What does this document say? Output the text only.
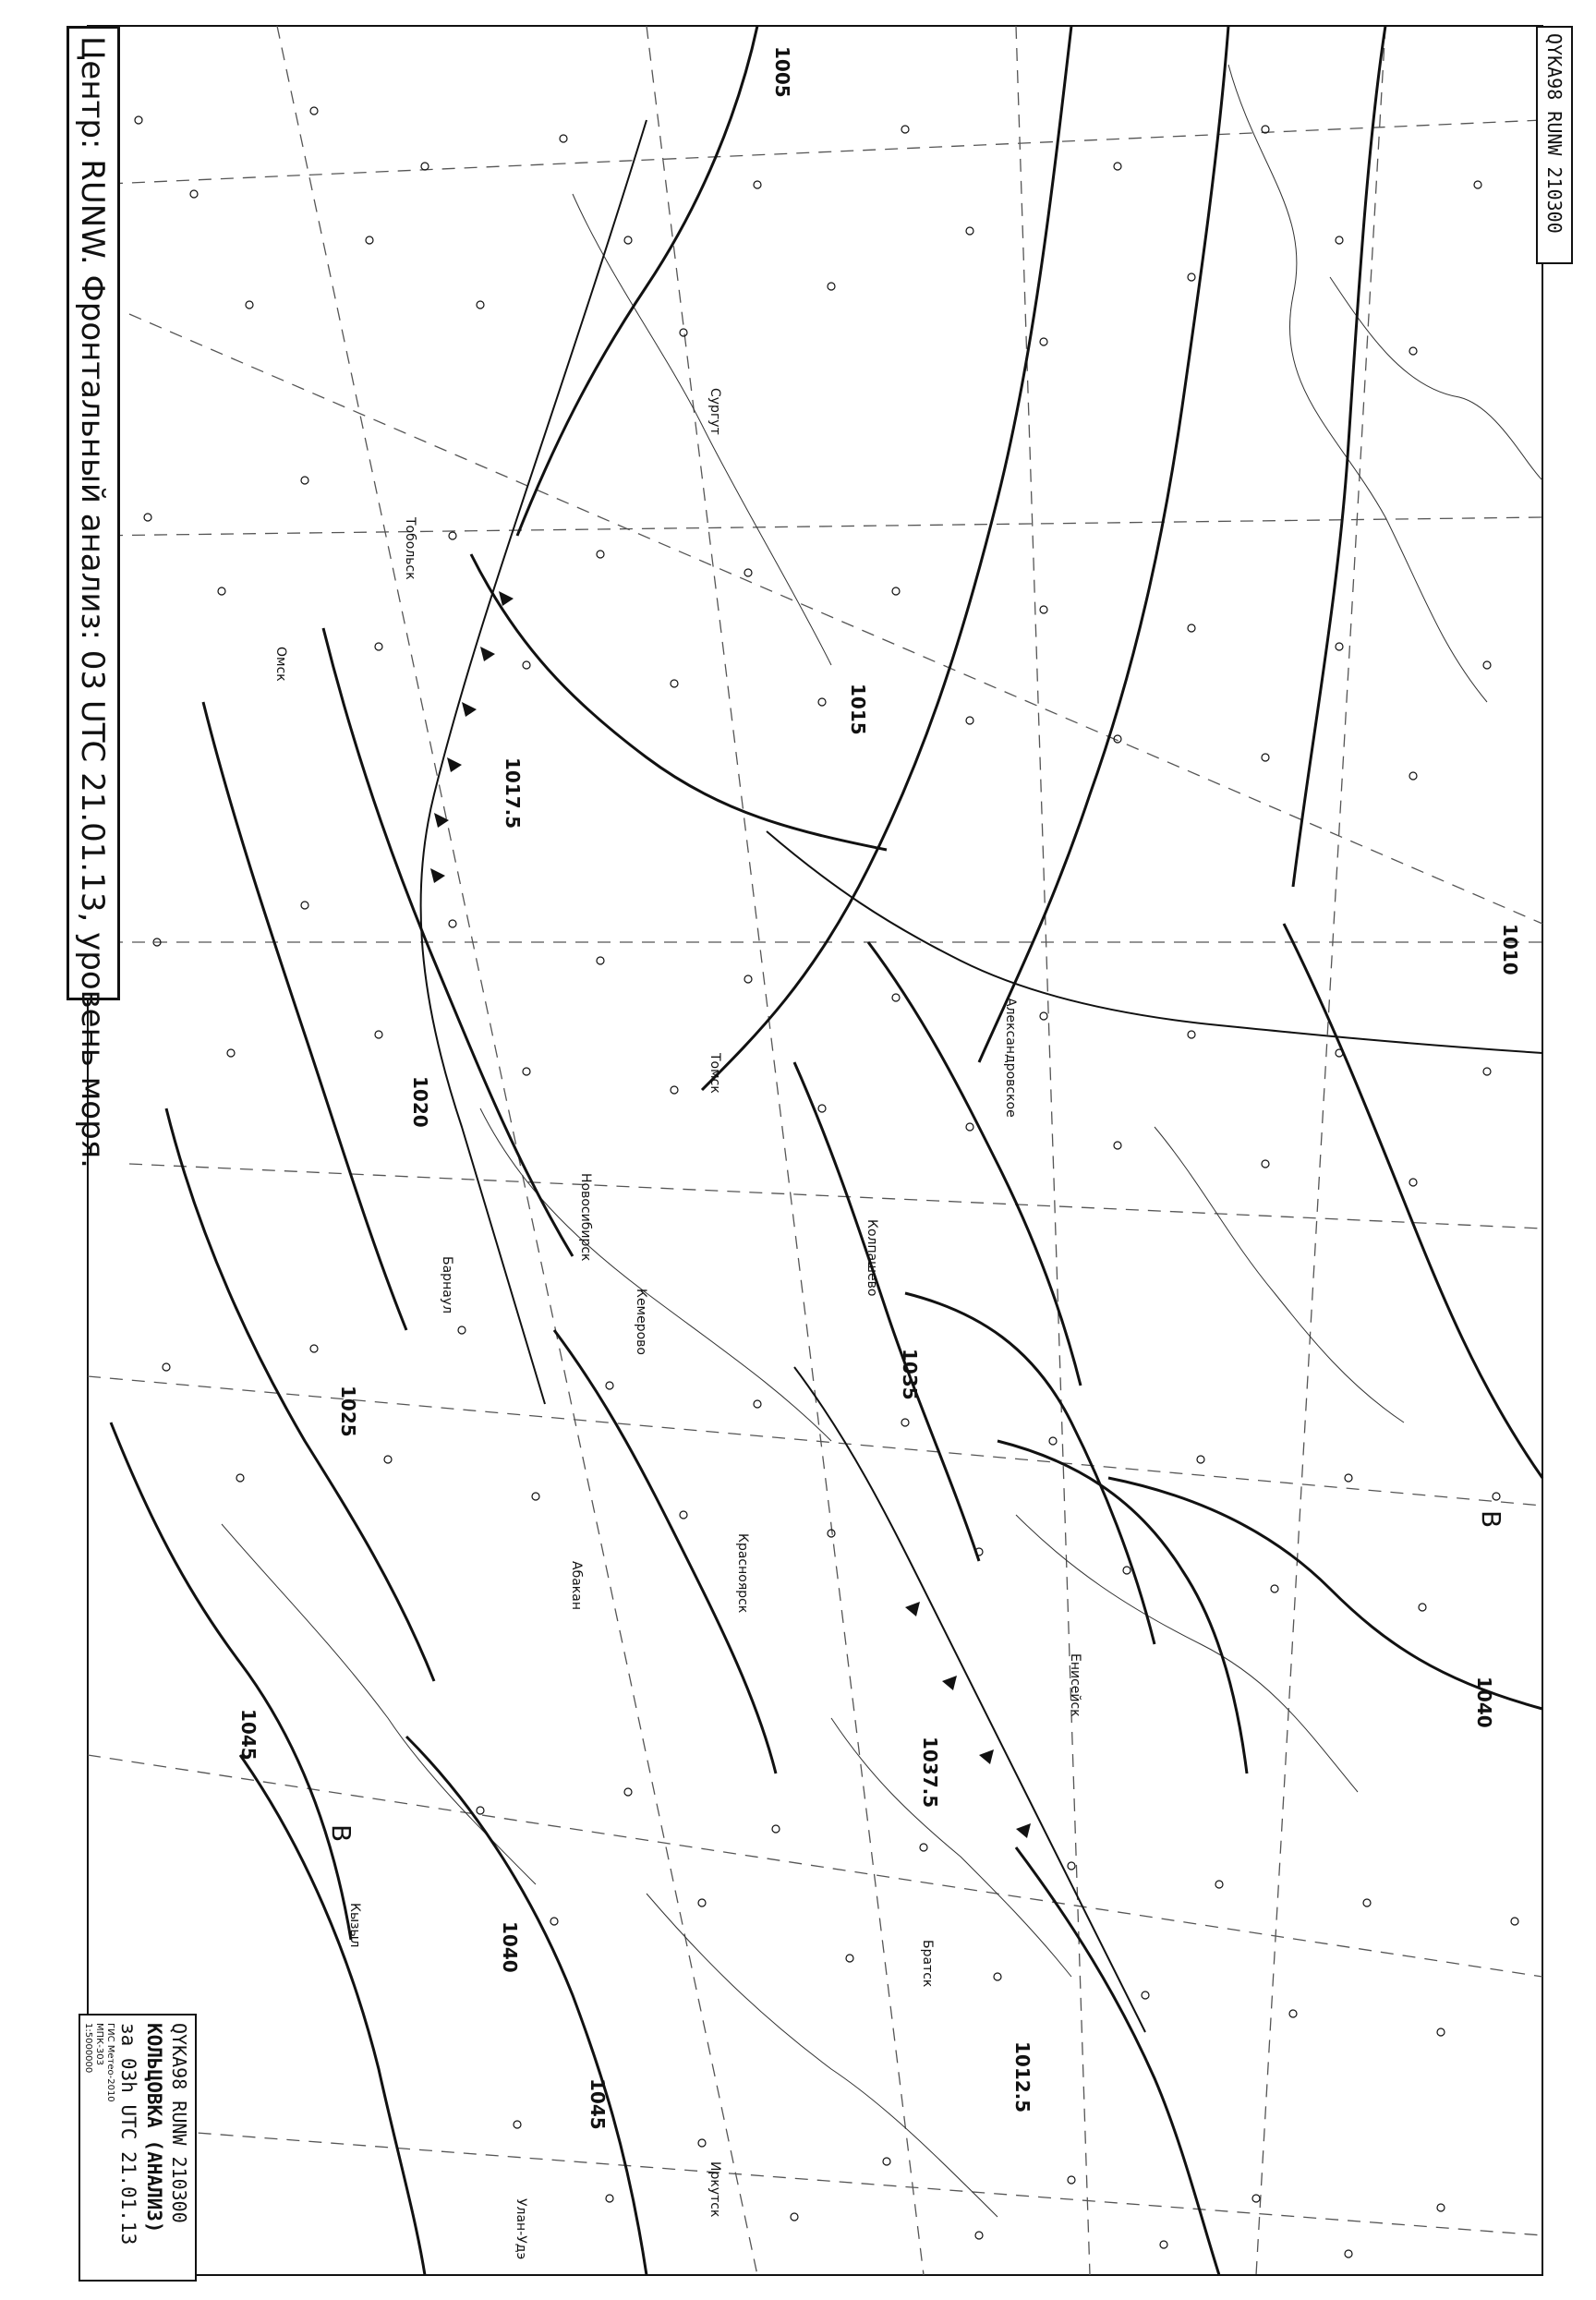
1005
1015
1017.5
1020
1025
1035
1037.5
1040
1040
1045
1045
1010
1012.5
В
В
Сургут
Омск
Новосибирск
Томск
Барнаул
Кемерово
Красноярск
Абакан
Кызыл
Иркутск
Улан-Удэ
Александровское
Колпашево
Тобольск
Братск
Енисейск
Центр: RUNW. Фронтальный анализ: 03 UTC 21.01.13, уровень моря.	QYKA98 RUNW 210300
QYKA98 RUNW 210300
КОЛЬЦОВКА (АНАЛИЗ)
за 03h UTC 21.01.13
ГИС Метео-2010
МПК-303
1:5000000
